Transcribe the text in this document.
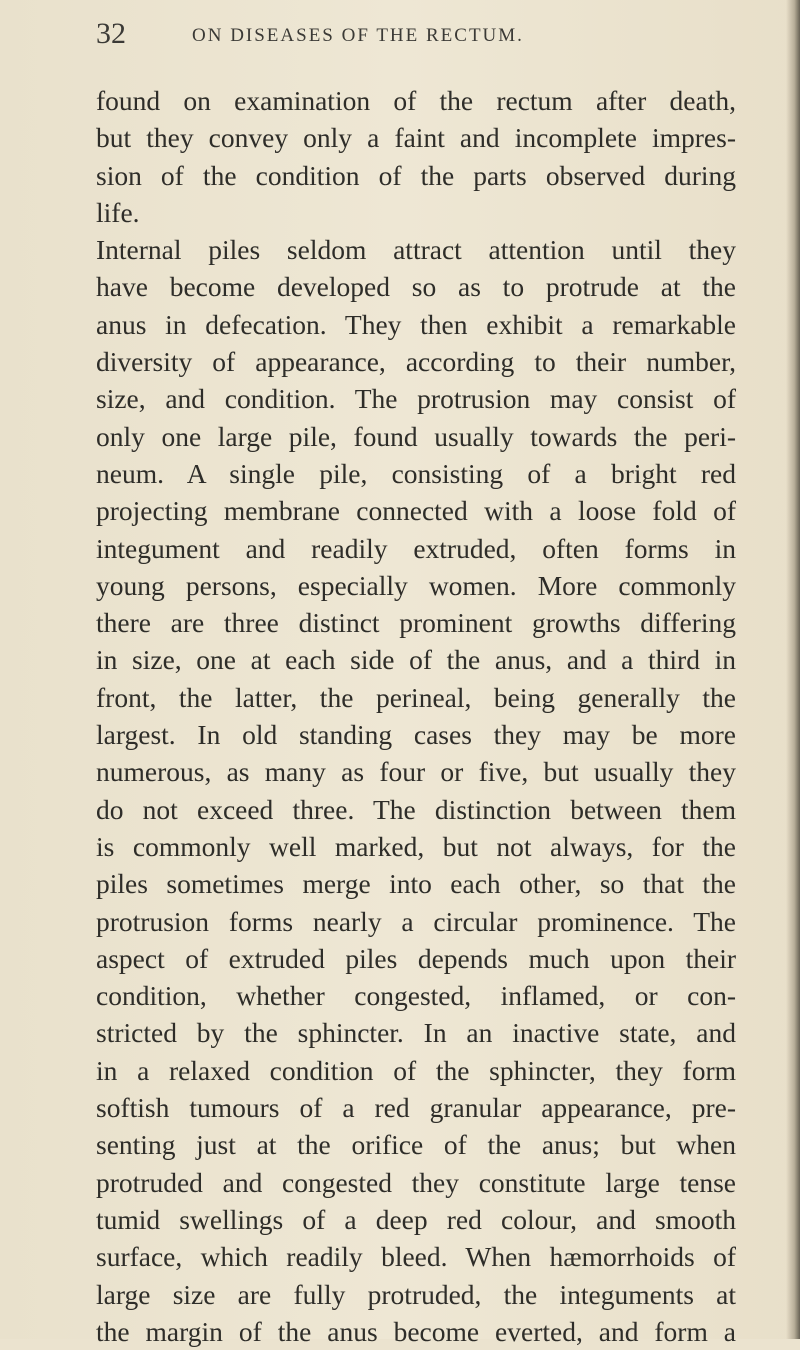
32	ON DISEASES OF THE RECTUM.
found on examination of the rectum after death,
but they convey only a faint and incomplete impres-
sion of the condition of the parts observed during
life.
Internal piles seldom attract attention until they
have become developed so as to protrude at the
anus in defecation. They then exhibit a remarkable
diversity of appearance, according to their number,
size, and condition. The protrusion may consist of
only one large pile, found usually towards the peri-
neum. A single pile, consisting of a bright red
projecting membrane connected with a loose fold of
integument and readily extruded, often forms in
young persons, especially women. More commonly
there are three distinct prominent growths differing
in size, one at each side of the anus, and a third in
front, the latter, the perineal, being generally the
largest. In old standing cases they may be more
numerous, as many as four or five, but usually they
do not exceed three. The distinction between them
is commonly well marked, but not always, for the
piles sometimes merge into each other, so that the
protrusion forms nearly a circular prominence. The
aspect of extruded piles depends much upon their
condition, whether congested, inflamed, or con-
stricted by the sphincter. In an inactive state, and
in a relaxed condition of the sphincter, they form
softish tumours of a red granular appearance, pre-
senting just at the orifice of the anus; but when
protruded and congested they constitute large tense
tumid swellings of a deep red colour, and smooth
surface, which readily bleed. When hæmorrhoids of
large size are fully protruded, the integuments at
the margin of the anus become everted, and form a
